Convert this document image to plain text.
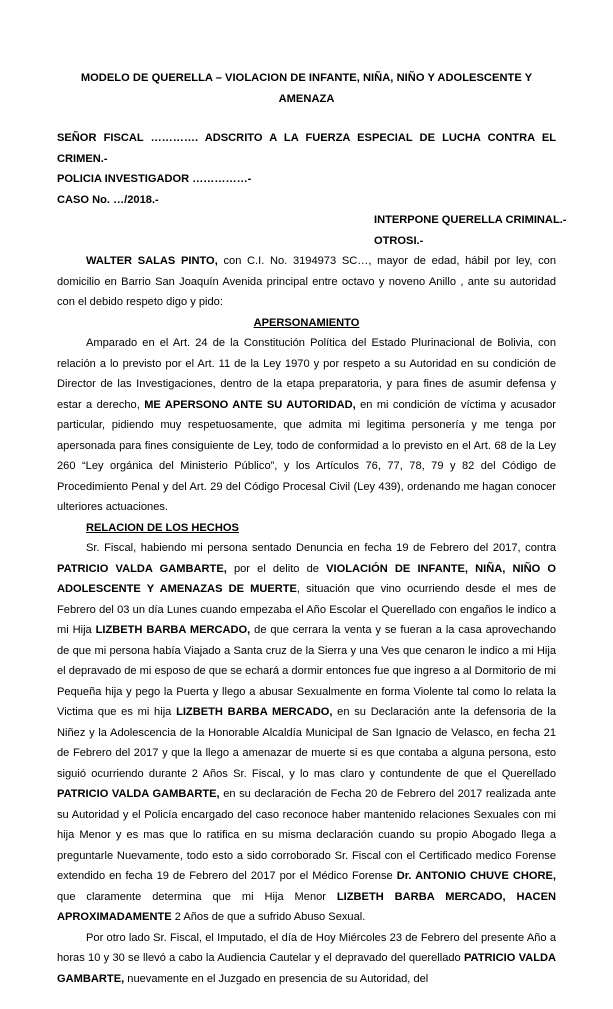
MODELO DE QUERELLA – VIOLACION DE INFANTE, NIÑA, NIÑO Y ADOLESCENTE Y AMENAZA
SEÑOR FISCAL …………. ADSCRITO A LA FUERZA ESPECIAL DE LUCHA CONTRA EL CRIMEN.-
POLICIA INVESTIGADOR ……………-
CASO No. …/2018.-
INTERPONE QUERELLA CRIMINAL.-
OTROSI.-

WALTER SALAS PINTO, con C.I. No. 3194973 SC…, mayor de edad, hábil por ley, con domicilio en Barrio San Joaquín Avenida principal entre octavo y noveno Anillo , ante su autoridad con el debido respeto digo y pido:

APERSONAMIENTO
Amparado en el Art. 24 de la Constitución Política del Estado Plurinacional de Bolivia, con relación a lo previsto por el Art. 11 de la Ley 1970 y por respeto a su Autoridad en su condición de Director de las Investigaciones, dentro de la etapa preparatoria, y para fines de asumir defensa y estar a derecho, ME APERSONO ANTE SU AUTORIDAD, en mi condición de víctima y acusador particular, pidiendo muy respetuosamente, que admita mi legitima personería y me tenga por apersonada para fines consiguiente de Ley, todo de conformidad a lo previsto en el Art. 68 de la Ley 260 “Ley orgánica del Ministerio Público”, y los Artículos 76, 77, 78, 79 y 82 del Código de Procedimiento Penal y del Art. 29 del Código Procesal Civil (Ley 439), ordenando me hagan conocer ulteriores actuaciones.

RELACION DE LOS HECHOS
Sr. Fiscal, habiendo mi persona sentado Denuncia en fecha 19 de Febrero del 2017, contra PATRICIO VALDA GAMBARTE, por el delito de VIOLACIÓN DE INFANTE, NIÑA, NIÑO O ADOLESCENTE Y AMENAZAS DE MUERTE, situación que vino ocurriendo desde el mes de Febrero del 03 un día Lunes cuando empezaba el Año Escolar el Querellado con engaños le indico a mi Hija LIZBETH BARBA MERCADO, de que cerrara la venta y se fueran a la casa aprovechando de que mi persona había Viajado a Santa cruz de la Sierra y una Ves que cenaron le indico a mi Hija el depravado de mi esposo de que se echará a dormir entonces fue que ingreso a al Dormitorio de mi Pequeña hija y pego la Puerta y llego a abusar Sexualmente en forma Violente tal como lo relata la Victima que es mi hija LIZBETH BARBA MERCADO, en su Declaración ante la defensoria de la Niñez y la Adolescencia de la Honorable Alcaldía Municipal de San Ignacio de Velasco, en fecha 21 de Febrero del 2017 y que la llego a amenazar de muerte si es que contaba a alguna persona, esto siguió ocurriendo durante 2 Años Sr. Fiscal, y lo mas claro y contundente de que el Querellado PATRICIO VALDA GAMBARTE, en su declaración de Fecha 20 de Febrero del 2017 realizada ante su Autoridad y el Policía encargado del caso reconoce haber mantenido relaciones Sexuales con mi hija Menor y es mas que lo ratifica en su misma declaración cuando su propio Abogado llega a preguntarle Nuevamente, todo esto a sido corroborado Sr. Fiscal con el Certificado medico Forense extendido en fecha 19 de Febrero del 2017 por el Médico Forense Dr. ANTONIO CHUVE CHORE, que claramente determina que mi Hija Menor LIZBETH BARBA MERCADO, HACEN APROXIMADAMENTE 2 Años de que a sufrido Abuso Sexual.

Por otro lado Sr. Fiscal, el Imputado, el día de Hoy Miércoles 23 de Febrero del presente Año a horas 10 y 30 se llevó a cabo la Audiencia Cautelar y el depravado del querellado PATRICIO VALDA GAMBARTE, nuevamente en el Juzgado en presencia de su Autoridad, del
